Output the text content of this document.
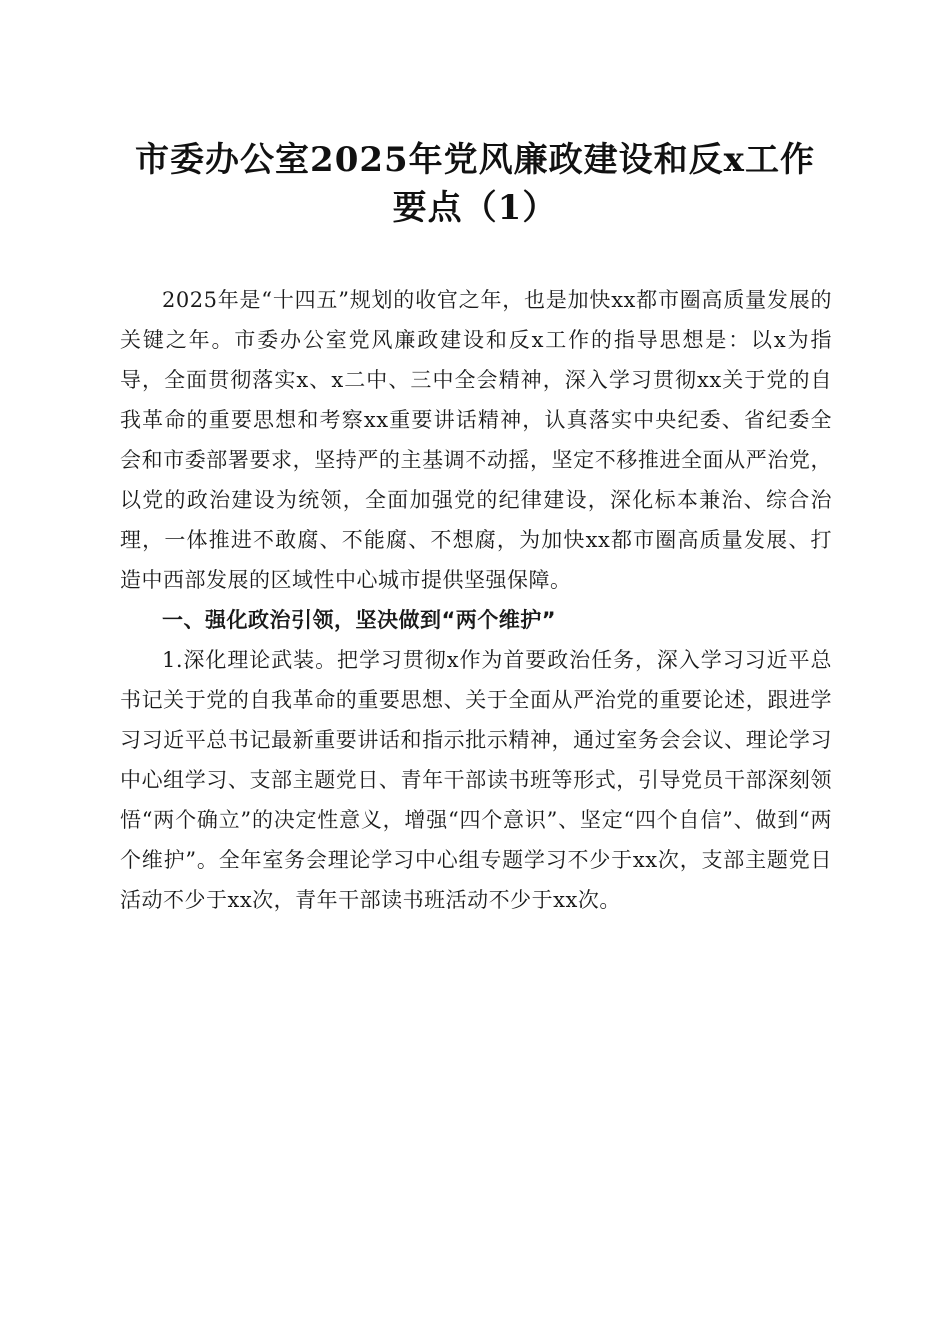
市委办公室2025年党风廉政建设和反x工作
要点（1）

2025年是“十四五”规划的收官之年，也是加快xx都市圈高质量发展的关键之年。市委办公室党风廉政建设和反x工作的指导思想是：以x为指导，全面贯彻落实x、x二中、三中全会精神，深入学习贯彻xx关于党的自我革命的重要思想和考察xx重要讲话精神，认真落实中央纪委、省纪委全会和市委部署要求，坚持严的主基调不动摇，坚定不移推进全面从严治党，以党的政治建设为统领，全面加强党的纪律建设，深化标本兼治、综合治理，一体推进不敢腐、不能腐、不想腐，为加快xx都市圈高质量发展、打造中西部发展的区域性中心城市提供坚强保障。

一、强化政治引领，坚决做到“两个维护”

1.深化理论武装。把学习贯彻x作为首要政治任务，深入学习习近平总书记关于党的自我革命的重要思想、关于全面从严治党的重要论述，跟进学习习近平总书记最新重要讲话和指示批示精神，通过室务会会议、理论学习中心组学习、支部主题党日、青年干部读书班等形式，引导党员干部深刻领悟“两个确立”的决定性意义，增强“四个意识”、坚定“四个自信”、做到“两个维护”。全年室务会理论学习中心组专题学习不少于xx次，支部主题党日活动不少于xx次，青年干部读书班活动不少于xx次。
